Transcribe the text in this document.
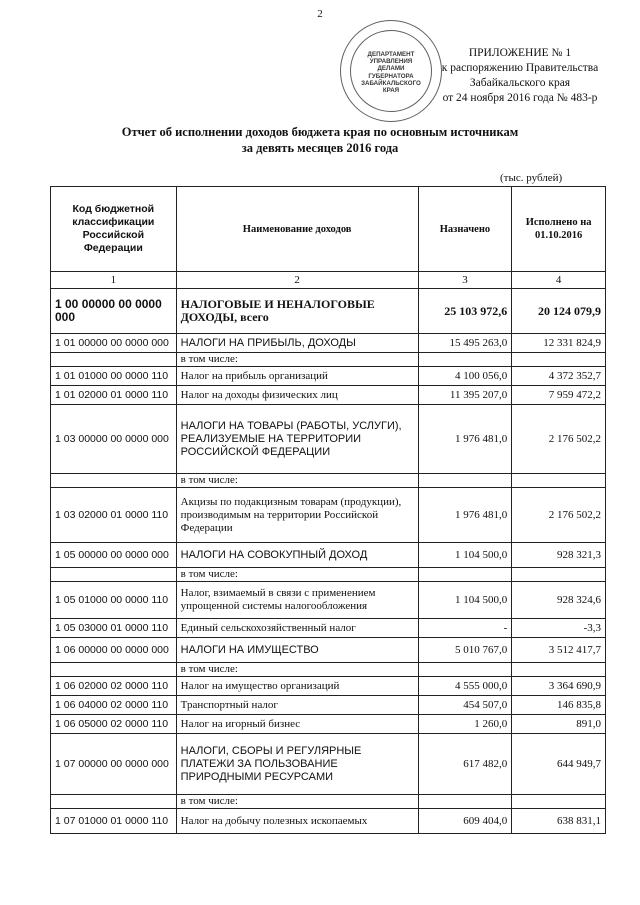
2
ДЕПАРТАМЕНТ
УПРАВЛЕНИЯ
ДЕЛАМИ
ГУБЕРНАТОРА
ЗАБАЙКАЛЬСКОГО
КРАЯ
ПРИЛОЖЕНИЕ № 1
к распоряжению Правительства
Забайкальского края
от 24 ноября 2016 года № 483-р
Отчет об исполнении доходов бюджета края по основным источникам
за девять месяцев 2016 года
(тыс. рублей)
Код бюджетной классификации Российской Федерации	Наименование доходов	Назначено	Исполнено на 01.10.2016
1	2	3	4
1 00 00000 00 0000 000	НАЛОГОВЫЕ И НЕНАЛОГОВЫЕ ДОХОДЫ, всего	25 103 972,6	20 124 079,9
1 01 00000 00 0000 000	НАЛОГИ НА ПРИБЫЛЬ, ДОХОДЫ	15 495 263,0	12 331 824,9
	в том числе:		
1 01 01000 00 0000 110	Налог на прибыль организаций	4 100 056,0	4 372 352,7
1 01 02000 01 0000 110	Налог на доходы физических лиц	11 395 207,0	7 959 472,2
1 03 00000 00 0000 000	НАЛОГИ НА ТОВАРЫ (РАБОТЫ, УСЛУГИ), РЕАЛИЗУЕМЫЕ НА ТЕРРИТОРИИ РОССИЙСКОЙ ФЕДЕРАЦИИ	1 976 481,0	2 176 502,2
	в том числе:		
1 03 02000 01 0000 110	Акцизы по подакцизным товарам (продукции), производимым на территории Российской Федерации	1 976 481,0	2 176 502,2
1 05 00000 00 0000 000	НАЛОГИ НА СОВОКУПНЫЙ ДОХОД	1 104 500,0	928 321,3
	в том числе:		
1 05 01000 00 0000 110	Налог, взимаемый в связи с применением упрощенной системы налогообложения	1 104 500,0	928 324,6
1 05 03000 01 0000 110	Единый сельскохозяйственный налог	-	-3,3
1 06 00000 00 0000 000	НАЛОГИ НА ИМУЩЕСТВО	5 010 767,0	3 512 417,7
	в том числе:		
1 06 02000 02 0000 110	Налог на имущество организаций	4 555 000,0	3 364 690,9
1 06 04000 02 0000 110	Транспортный налог	454 507,0	146 835,8
1 06 05000 02 0000 110	Налог на игорный бизнес	1 260,0	891,0
1 07 00000 00 0000 000	НАЛОГИ, СБОРЫ И РЕГУЛЯРНЫЕ ПЛАТЕЖИ ЗА ПОЛЬЗОВАНИЕ ПРИРОДНЫМИ РЕСУРСАМИ	617 482,0	644 949,7
	в том числе:		
1 07 01000 01 0000 110	Налог на добычу полезных ископаемых	609 404,0	638 831,1
